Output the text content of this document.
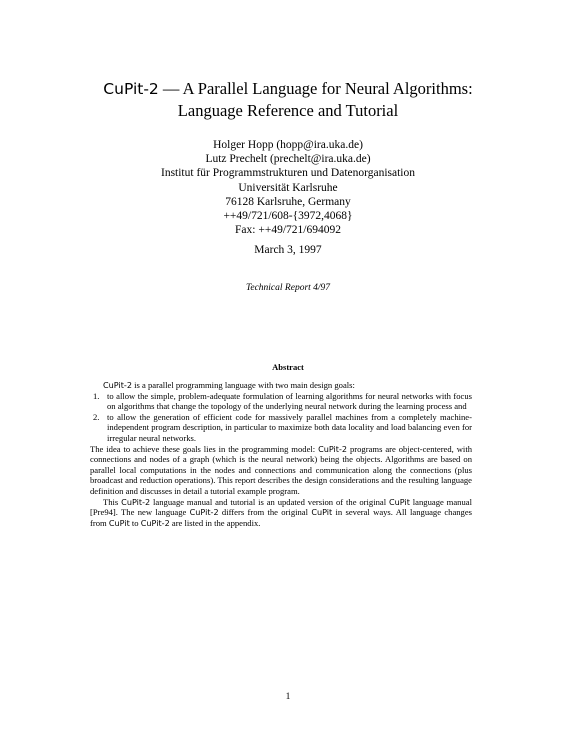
CuPit-2 — A Parallel Language for Neural Algorithms:
Language Reference and Tutorial
Holger Hopp (hopp@ira.uka.de)
Lutz Prechelt (prechelt@ira.uka.de)
Institut für Programmstrukturen und Datenorganisation
Universität Karlsruhe
76128 Karlsruhe, Germany
++49/721/608-{3972,4068}
Fax: ++49/721/694092
March 3, 1997
Technical Report 4/97
Abstract

CuPit-2 is a parallel programming language with two main design goals:

1. to allow the simple, problem-adequate formulation of learning algorithms for neural networks with focus on algorithms that change the topology of the underlying neural network during the learning process and
2. to allow the generation of efficient code for massively parallel machines from a completely machine-independent program description, in particular to maximize both data locality and load balancing even for irregular neural networks.

The idea to achieve these goals lies in the programming model: CuPit-2 programs are object-centered, with connections and nodes of a graph (which is the neural network) being the objects. Algorithms are based on parallel local computations in the nodes and connections and communication along the connections (plus broadcast and reduction operations). This report describes the design considerations and the resulting language definition and discusses in detail a tutorial example program.

This CuPit-2 language manual and tutorial is an updated version of the original CuPit language manual [Pre94]. The new language CuPit-2 differs from the original CuPit in several ways. All language changes from CuPit to CuPit-2 are listed in the appendix.

1
